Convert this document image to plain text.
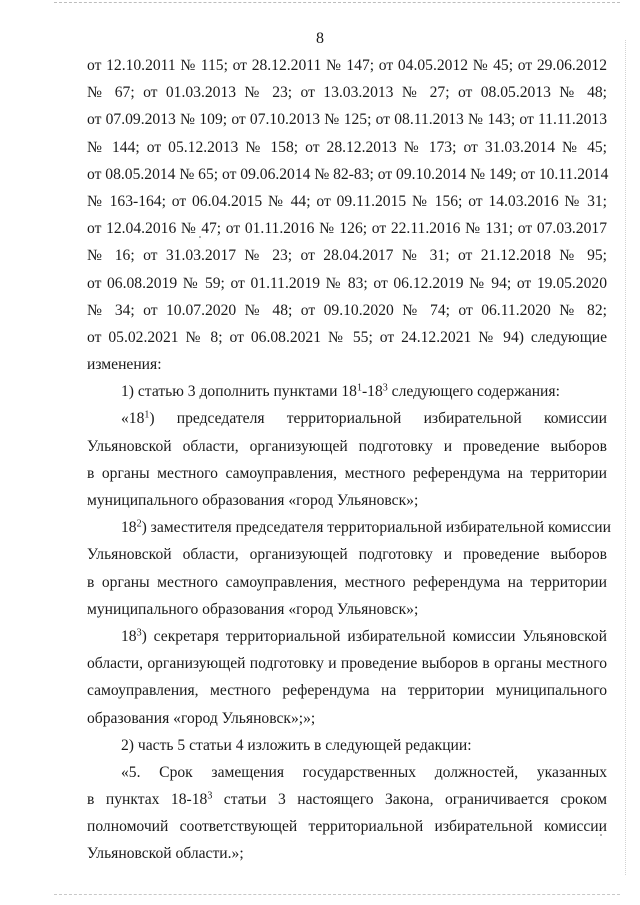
8
от 12.10.2011 № 115; от 28.12.2011 № 147; от 04.05.2012 № 45; от 29.06.2012
№ 67; от 01.03.2013 № 23; от 13.03.2013 № 27; от 08.05.2013 № 48;
от 07.09.2013 № 109; от 07.10.2013 № 125; от 08.11.2013 № 143; от 11.11.2013
№ 144; от 05.12.2013 № 158; от 28.12.2013 № 173; от 31.03.2014 № 45;
от 08.05.2014 № 65; от 09.06.2014 № 82-83; от 09.10.2014 № 149; от 10.11.2014
№ 163-164; от 06.04.2015 № 44; от 09.11.2015 № 156; от 14.03.2016 № 31;
от 12.04.2016 № 47; от 01.11.2016 № 126; от 22.11.2016 № 131; от 07.03.2017
№ 16; от 31.03.2017 № 23; от 28.04.2017 № 31; от 21.12.2018 № 95;
от 06.08.2019 № 59; от 01.11.2019 № 83; от 06.12.2019 № 94; от 19.05.2020
№ 34; от 10.07.2020 № 48; от 09.10.2020 № 74; от 06.11.2020 № 82;
от 05.02.2021 № 8; от 06.08.2021 № 55; от 24.12.2021 № 94) следующие
изменения:
1) статью 3 дополнить пунктами $18^1-18^3$ следующего содержания:
«$18^1$) председателя территориальной избирательной комиссии
Ульяновской области, организующей подготовку и проведение выборов
в органы местного самоуправления, местного референдума на территории
муниципального образования «город Ульяновск»;
$18^2$) заместителя председателя территориальной избирательной комиссии
Ульяновской области, организующей подготовку и проведение выборов
в органы местного самоуправления, местного референдума на территории
муниципального образования «город Ульяновск»;
$18^3$) секретаря территориальной избирательной комиссии Ульяновской
области, организующей подготовку и проведение выборов в органы местного
самоуправления, местного референдума на территории муниципального
образования «город Ульяновск»;»;
2) часть 5 статьи 4 изложить в следующей редакции:
«5. Срок замещения государственных должностей, указанных
в пунктах $18-18^3$ статьи 3 настоящего Закона, ограничивается сроком
полномочий соответствующей территориальной избирательной комиссии
Ульяновской области.»;
